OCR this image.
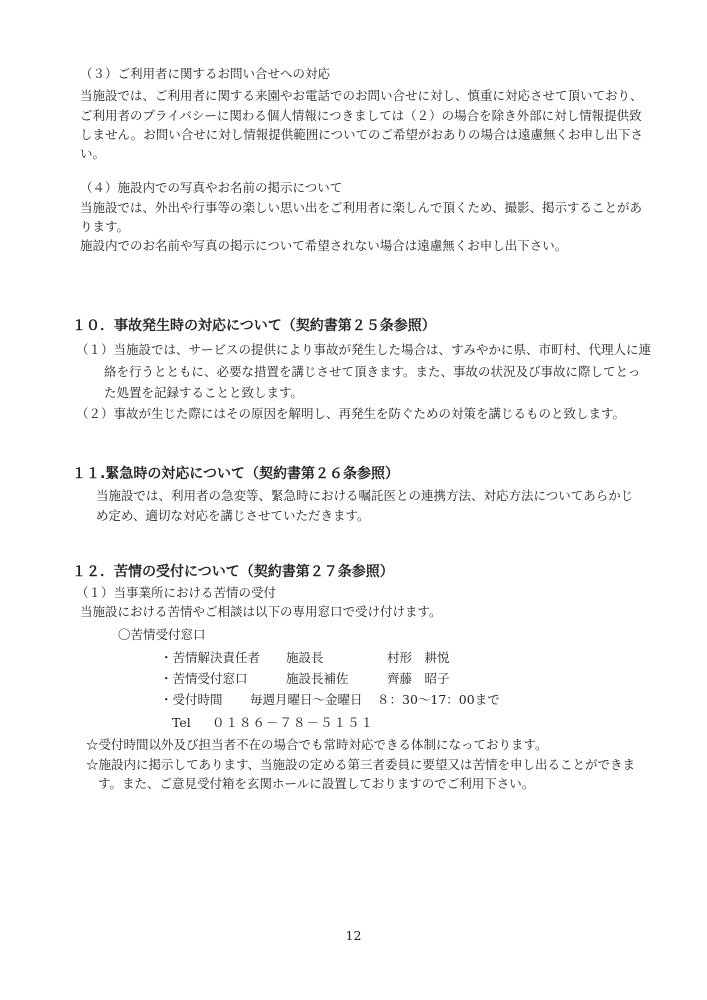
（３）ご利用者に関するお問い合せへの対応
当施設では、ご利用者に関する来園やお電話でのお問い合せに対し、慎重に対応させて頂いており、
ご利用者のプライバシーに関わる個人情報につきましては（２）の場合を除き外部に対し情報提供致
しません。お問い合せに対し情報提供範囲についてのご希望がおありの場合は遠慮無くお申し出下さ
い。
（４）施設内での写真やお名前の掲示について
当施設では、外出や行事等の楽しい思い出をご利用者に楽しんで頂くため、撮影、掲示することがあ
ります。
施設内でのお名前や写真の掲示について希望されない場合は遠慮無くお申し出下さい。
１０．事故発生時の対応について（契約書第２５条参照）
（１）当施設では、サービスの提供により事故が発生した場合は、すみやかに県、市町村、代理人に連
絡を行うとともに、必要な措置を講じさせて頂きます。また、事故の状況及び事故に際してとっ
た処置を記録することと致します。
（２）事故が生じた際にはその原因を解明し、再発生を防ぐための対策を講じるものと致します。
１１.緊急時の対応について（契約書第２６条参照）
当施設では、利用者の急変等、緊急時における嘱託医との連携方法、対応方法についてあらかじ
め定め、適切な対応を講じさせていただきます。
１２．苦情の受付について（契約書第２７条参照）
（１）当事業所における苦情の受付
当施設における苦情やご相談は以下の専用窓口で受け付けます。
〇苦情受付窓口
・苦情解決責任者 施設長	村形　耕悦
・苦情受付窓口	施設長補佐	齊藤　昭子
・受付時間 毎週月曜日～金曜日 ８：30～17：00まで
Tel ０１８６－７８－５１５１
☆受付時間以外及び担当者不在の場合でも常時対応できる体制になっております。
☆施設内に掲示してあります、当施設の定める第三者委員に要望又は苦情を申し出ることができま
す。また、ご意見受付箱を玄関ホールに設置しておりますのでご利用下さい。
12
